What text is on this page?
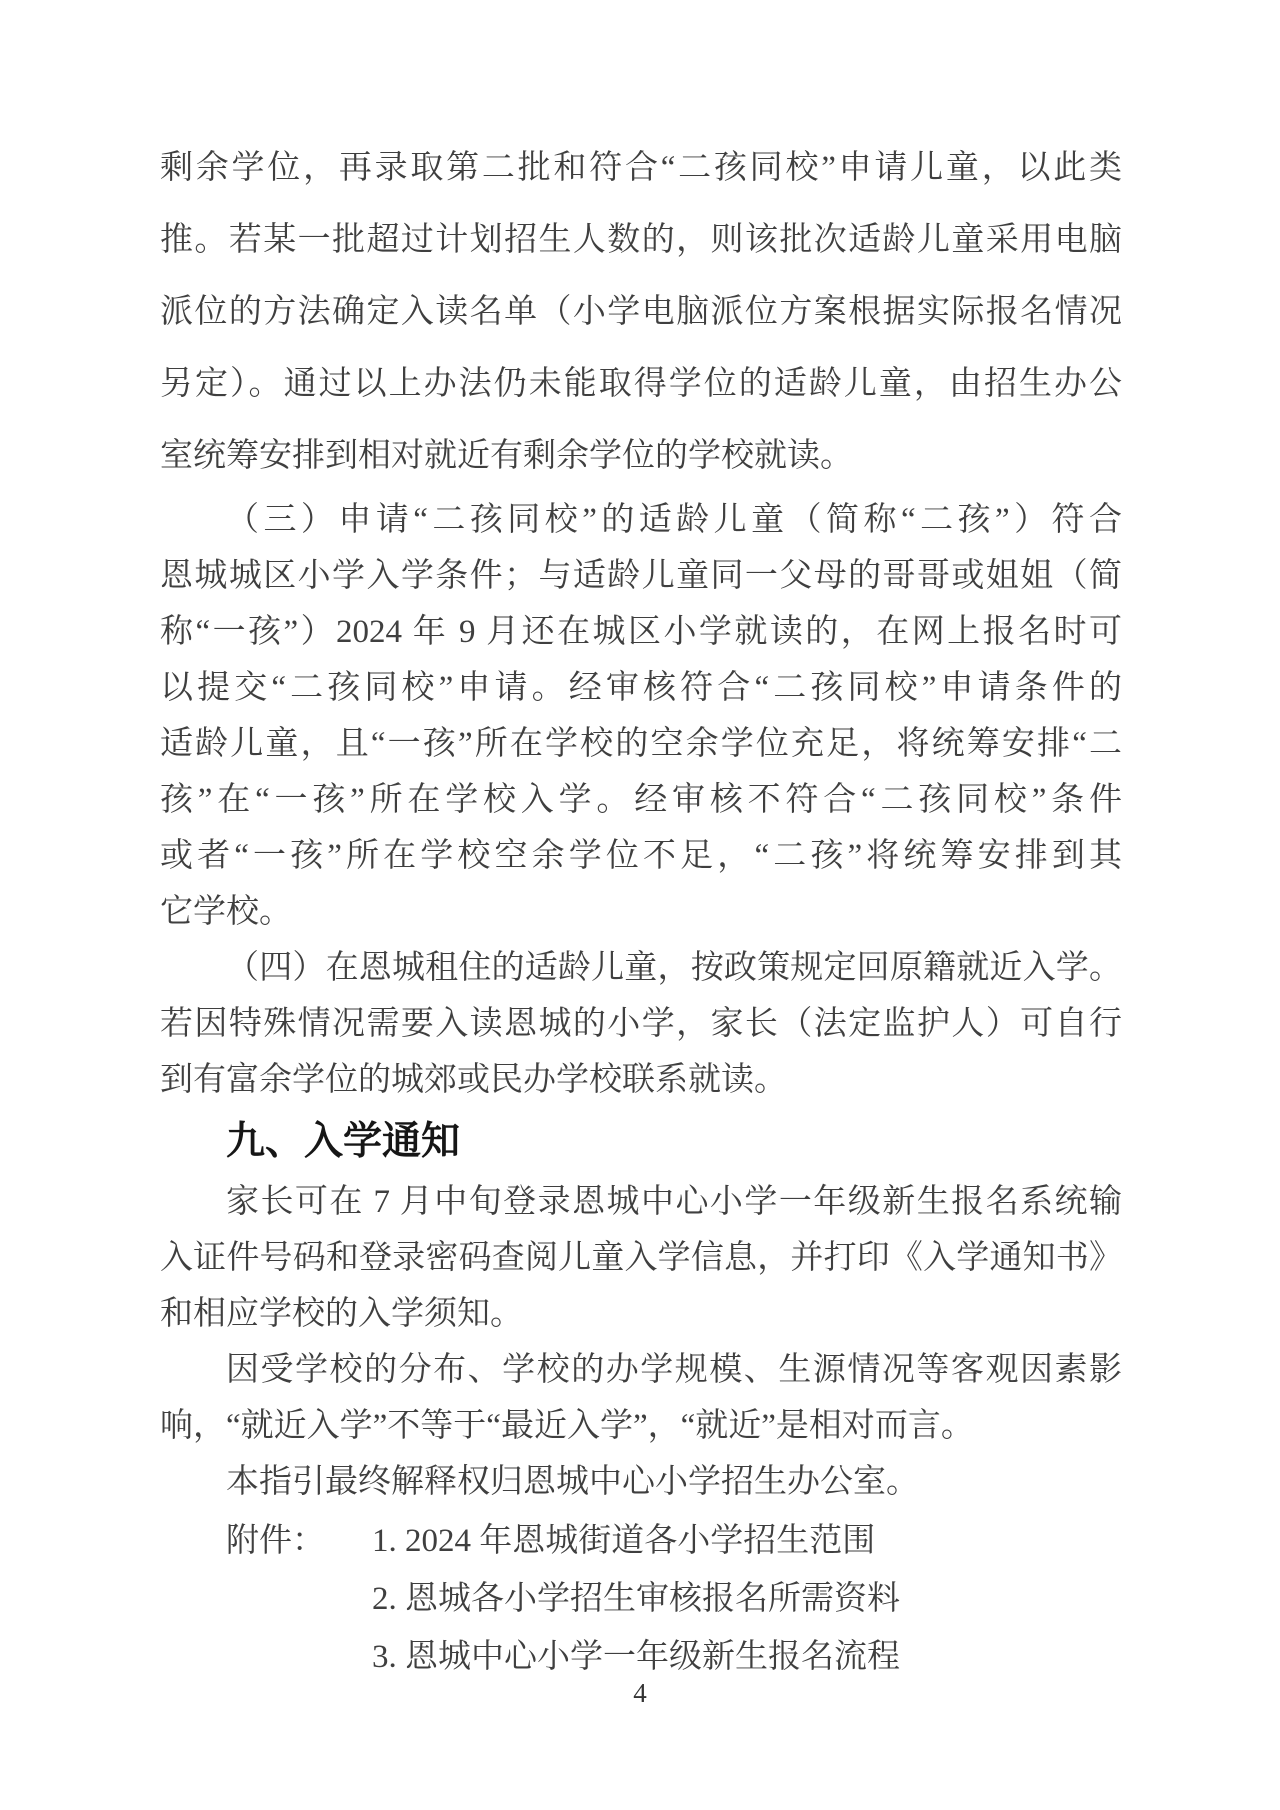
剩余学位，再录取第二批和符合“二孩同校”申请儿童，以此类
推。若某一批超过计划招生人数的，则该批次适龄儿童采用电脑
派位的方法确定入读名单（小学电脑派位方案根据实际报名情况
另定）。通过以上办法仍未能取得学位的适龄儿童，由招生办公
室统筹安排到相对就近有剩余学位的学校就读。
（三）申请“二孩同校”的适龄儿童（简称“二孩”）符合
恩城城区小学入学条件；与适龄儿童同一父母的哥哥或姐姐（简
称“一孩”）2024 年 9 月还在城区小学就读的，在网上报名时可
以提交“二孩同校”申请。经审核符合“二孩同校”申请条件的
适龄儿童，且“一孩”所在学校的空余学位充足，将统筹安排“二
孩”在“一孩”所在学校入学。经审核不符合“二孩同校”条件
或者“一孩”所在学校空余学位不足，“二孩”将统筹安排到其
它学校。
（四）在恩城租住的适龄儿童，按政策规定回原籍就近入学。
若因特殊情况需要入读恩城的小学，家长（法定监护人）可自行
到有富余学位的城郊或民办学校联系就读。
九、入学通知
家长可在 7 月中旬登录恩城中心小学一年级新生报名系统输
入证件号码和登录密码查阅儿童入学信息，并打印《入学通知书》
和相应学校的入学须知。
因受学校的分布、学校的办学规模、生源情况等客观因素影
响，“就近入学”不等于“最近入学”，“就近”是相对而言。
本指引最终解释权归恩城中心小学招生办公室。
附件： 1. 2024 年恩城街道各小学招生范围
2. 恩城各小学招生审核报名所需资料
3. 恩城中心小学一年级新生报名流程
4
